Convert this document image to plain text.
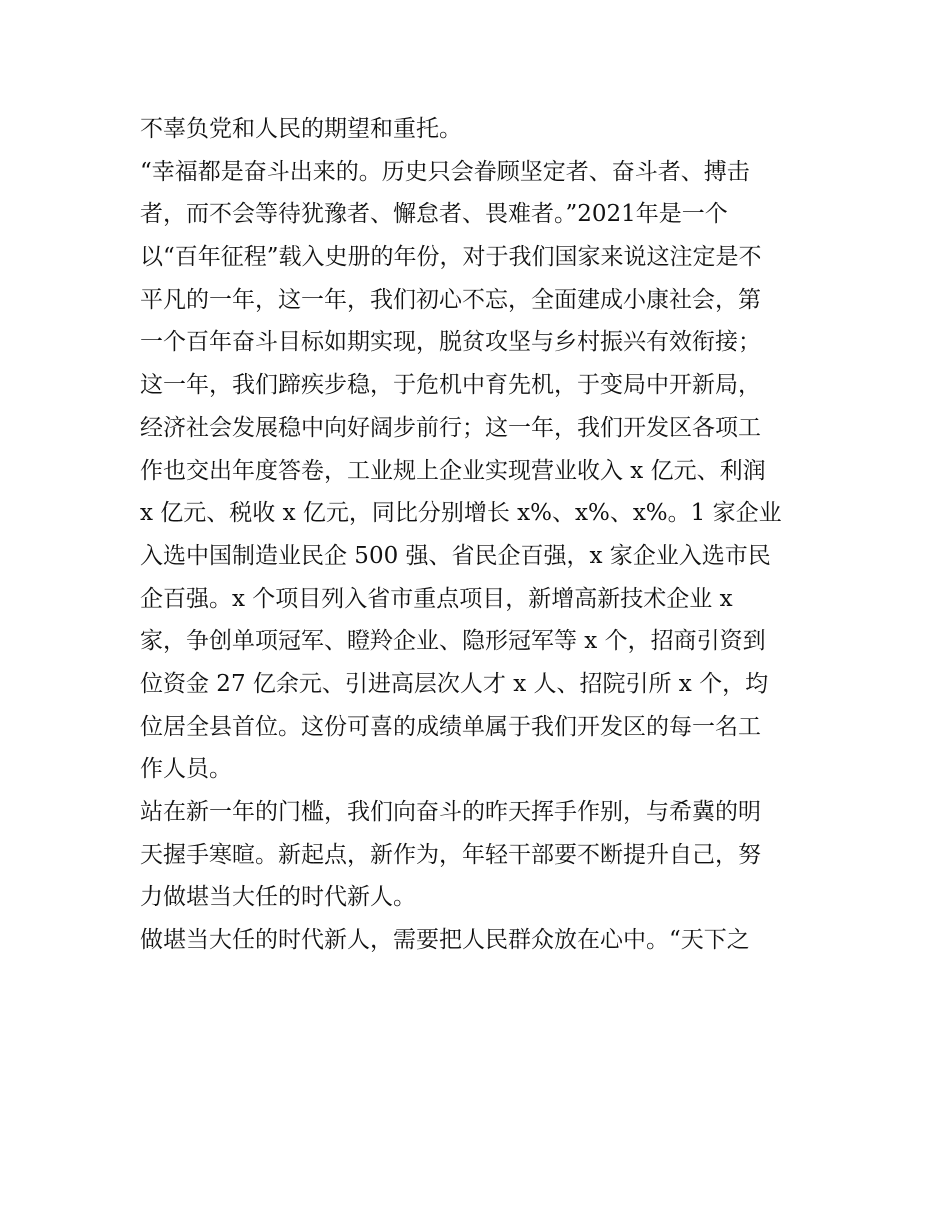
不辜负党和人民的期望和重托。
“幸福都是奋斗出来的。历史只会眷顾坚定者、奋斗者、搏击
者，而不会等待犹豫者、懈怠者、畏难者。”2021年是一个
以“百年征程”载入史册的年份，对于我们国家来说这注定是不
平凡的一年，这一年，我们初心不忘，全面建成小康社会，第
一个百年奋斗目标如期实现，脱贫攻坚与乡村振兴有效衔接；
这一年，我们蹄疾步稳，于危机中育先机，于变局中开新局，
经济社会发展稳中向好阔步前行；这一年，我们开发区各项工
作也交出年度答卷，工业规上企业实现营业收入 x 亿元、利润
x 亿元、税收 x 亿元，同比分别增长 x%、x%、x%。1 家企业
入选中国制造业民企 500 强、省民企百强，x 家企业入选市民
企百强。x 个项目列入省市重点项目，新增高新技术企业 x
家，争创单项冠军、瞪羚企业、隐形冠军等 x 个，招商引资到
位资金 27 亿余元、引进高层次人才 x 人、招院引所 x 个，均
位居全县首位。这份可喜的成绩单属于我们开发区的每一名工
作人员。
站在新一年的门槛，我们向奋斗的昨天挥手作别，与希冀的明
天握手寒暄。新起点，新作为，年轻干部要不断提升自己，努
力做堪当大任的时代新人。
做堪当大任的时代新人，需要把人民群众放在心中。“天下之
